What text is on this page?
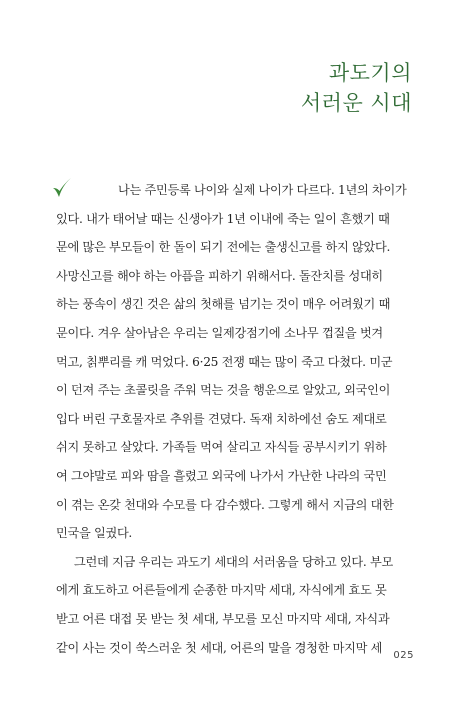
과도기의
서러운 시대
나는 주민등록 나이와 실제 나이가 다르다. 1년의 차이가
있다. 내가 태어날 때는 신생아가 1년 이내에 죽는 일이 흔했기 때
문에 많은 부모들이 한 돌이 되기 전에는 출생신고를 하지 않았다.
사망신고를 해야 하는 아픔을 피하기 위해서다. 돌잔치를 성대히
하는 풍속이 생긴 것은 삶의 첫해를 넘기는 것이 매우 어려웠기 때
문이다. 겨우 살아남은 우리는 일제강점기에 소나무 껍질을 벗겨
먹고, 칡뿌리를 캐 먹었다. 6·25 전쟁 때는 많이 죽고 다쳤다. 미군
이 던져 주는 초콜릿을 주워 먹는 것을 행운으로 알았고, 외국인이
입다 버린 구호물자로 추위를 견뎠다. 독재 치하에선 숨도 제대로
쉬지 못하고 살았다. 가족들 먹여 살리고 자식들 공부시키기 위하
여 그야말로 피와 땀을 흘렸고 외국에 나가서 가난한 나라의 국민
이 겪는 온갖 천대와 수모를 다 감수했다. 그렇게 해서 지금의 대한
민국을 일궜다.
그런데 지금 우리는 과도기 세대의 서러움을 당하고 있다. 부모
에게 효도하고 어른들에게 순종한 마지막 세대, 자식에게 효도 못
받고 어른 대접 못 받는 첫 세대, 부모를 모신 마지막 세대, 자식과
같이 사는 것이 쑥스러운 첫 세대, 어른의 말을 경청한 마지막 세
025
